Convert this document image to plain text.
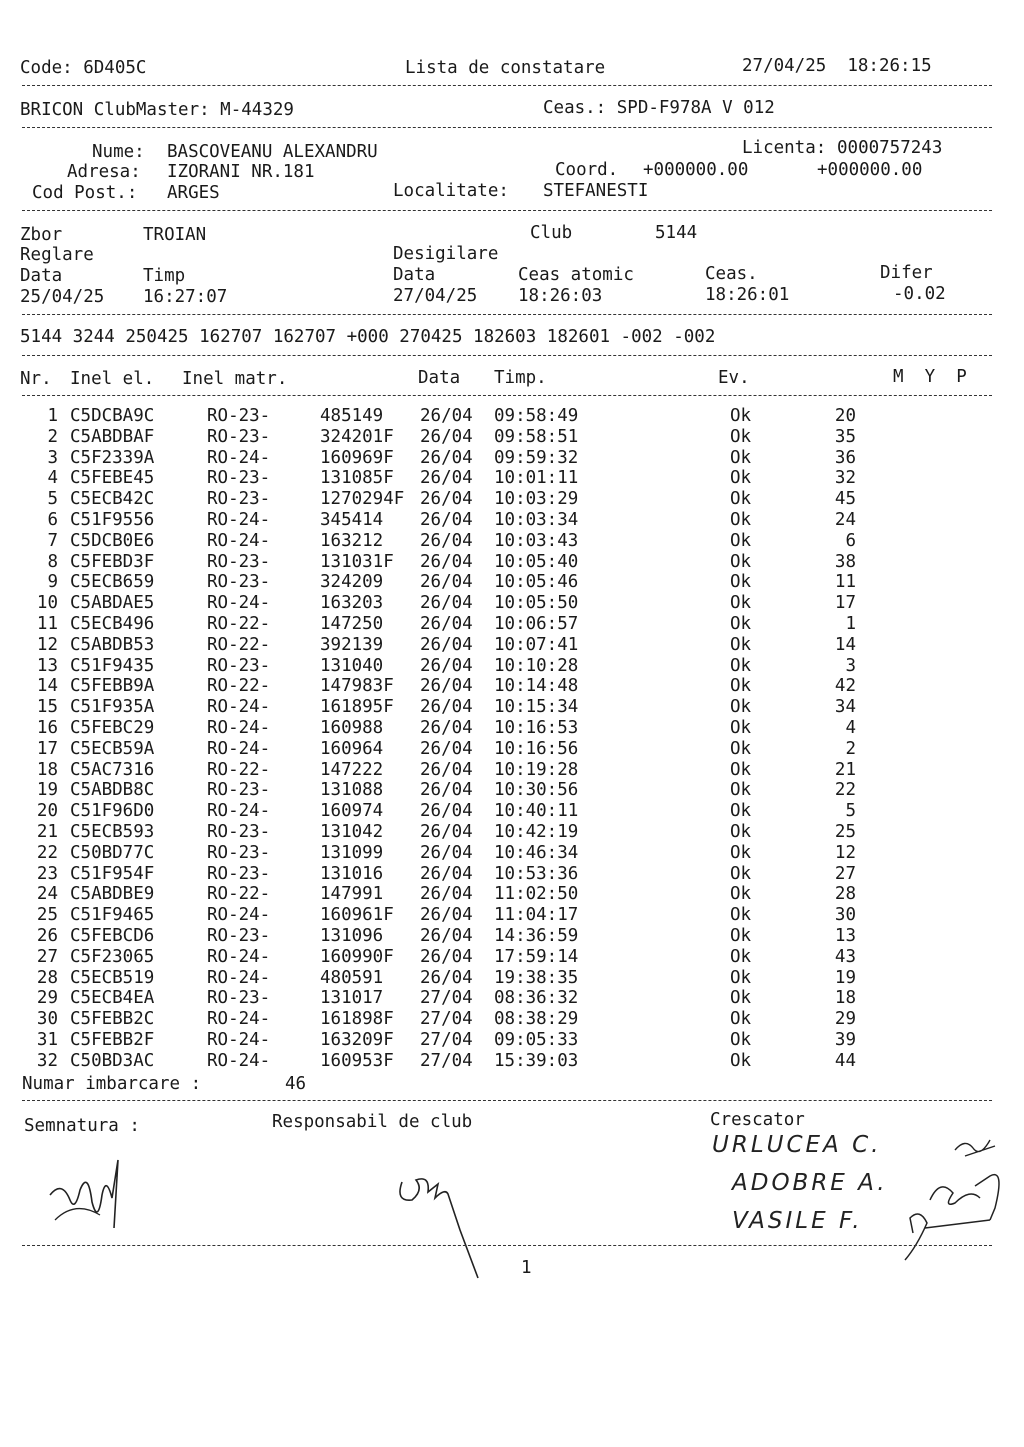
Code: 6D405C	Lista de constatare	27/04/25  18:26:15
BRICON ClubMaster: M-44329	Ceas.: SPD-F978A V 012
Nume: BASCOVEANU ALEXANDRU	Licenta: 0000757243
Adresa: IZORANI NR.181	Coord. +000000.00	+000000.00
Cod Post.: ARGES	Localitate: STEFANESTI
Zbor	TROIAN	Club	5144
Reglare	Desigilare
Data	Timp	Data	Ceas atomic	Ceas.	Difer
25/04/25 16:27:07	27/04/25 18:26:03	18:26:01	-0.02
5144 3244 250425 162707 162707 +000 270425 182603 182601 -002 -002
Nr. Inel el. Inel matr.	Data Timp.	Ev.	M  Y  P
1 C5DCBA9C	RO-23-	485149 26/04 09:58:49	Ok	20
2 C5ABDBAF	RO-23-	324201F 26/04 09:58:51	Ok	35
3 C5F2339A	RO-24-	160969F 26/04 09:59:32	Ok	36
4 C5FEBE45	RO-23-	131085F 26/04 10:01:11	Ok	32
5 C5ECB42C	RO-23-	1270294F 26/04 10:03:29	Ok	45
6 C51F9556	RO-24-	345414 26/04 10:03:34	Ok	24
7 C5DCB0E6	RO-24-	163212 26/04 10:03:43	Ok	6
8 C5FEBD3F	RO-23-	131031F 26/04 10:05:40	Ok	38
9 C5ECB659	RO-23-	324209 26/04 10:05:46	Ok	11
10 C5ABDAE5	RO-24-	163203 26/04 10:05:50	Ok	17
11 C5ECB496	RO-22-	147250 26/04 10:06:57	Ok	1
12 C5ABDB53	RO-22-	392139 26/04 10:07:41	Ok	14
13 C51F9435	RO-23-	131040 26/04 10:10:28	Ok	3
14 C5FEBB9A	RO-22-	147983F 26/04 10:14:48	Ok	42
15 C51F935A	RO-24-	161895F 26/04 10:15:34	Ok	34
16 C5FEBC29	RO-24-	160988 26/04 10:16:53	Ok	4
17 C5ECB59A	RO-24-	160964 26/04 10:16:56	Ok	2
18 C5AC7316	RO-22-	147222 26/04 10:19:28	Ok	21
19 C5ABDB8C	RO-23-	131088 26/04 10:30:56	Ok	22
20 C51F96D0	RO-24-	160974 26/04 10:40:11	Ok	5
21 C5ECB593	RO-23-	131042 26/04 10:42:19	Ok	25
22 C50BD77C	RO-23-	131099 26/04 10:46:34	Ok	12
23 C51F954F	RO-23-	131016 26/04 10:53:36	Ok	27
24 C5ABDBE9	RO-22-	147991 26/04 11:02:50	Ok	28
25 C51F9465	RO-24-	160961F 26/04 11:04:17	Ok	30
26 C5FEBCD6	RO-23-	131096 26/04 14:36:59	Ok	13
27 C5F23065	RO-24-	160990F 26/04 17:59:14	Ok	43
28 C5ECB519	RO-24-	480591 26/04 19:38:35	Ok	19
29 C5ECB4EA	RO-23-	131017 27/04 08:36:32	Ok	18
30 C5FEBB2C	RO-24-	161898F 27/04 08:38:29	Ok	29
31 C5FEBB2F	RO-24-	163209F 27/04 09:05:33	Ok	39
32 C50BD3AC	RO-24-	160953F 27/04 15:39:03	Ok	44
Numar imbarcare :	46
Semnatura :	Responsabil de club	Crescator
URLUCEA C.
ADOBRE A.
VASILE F.
1
